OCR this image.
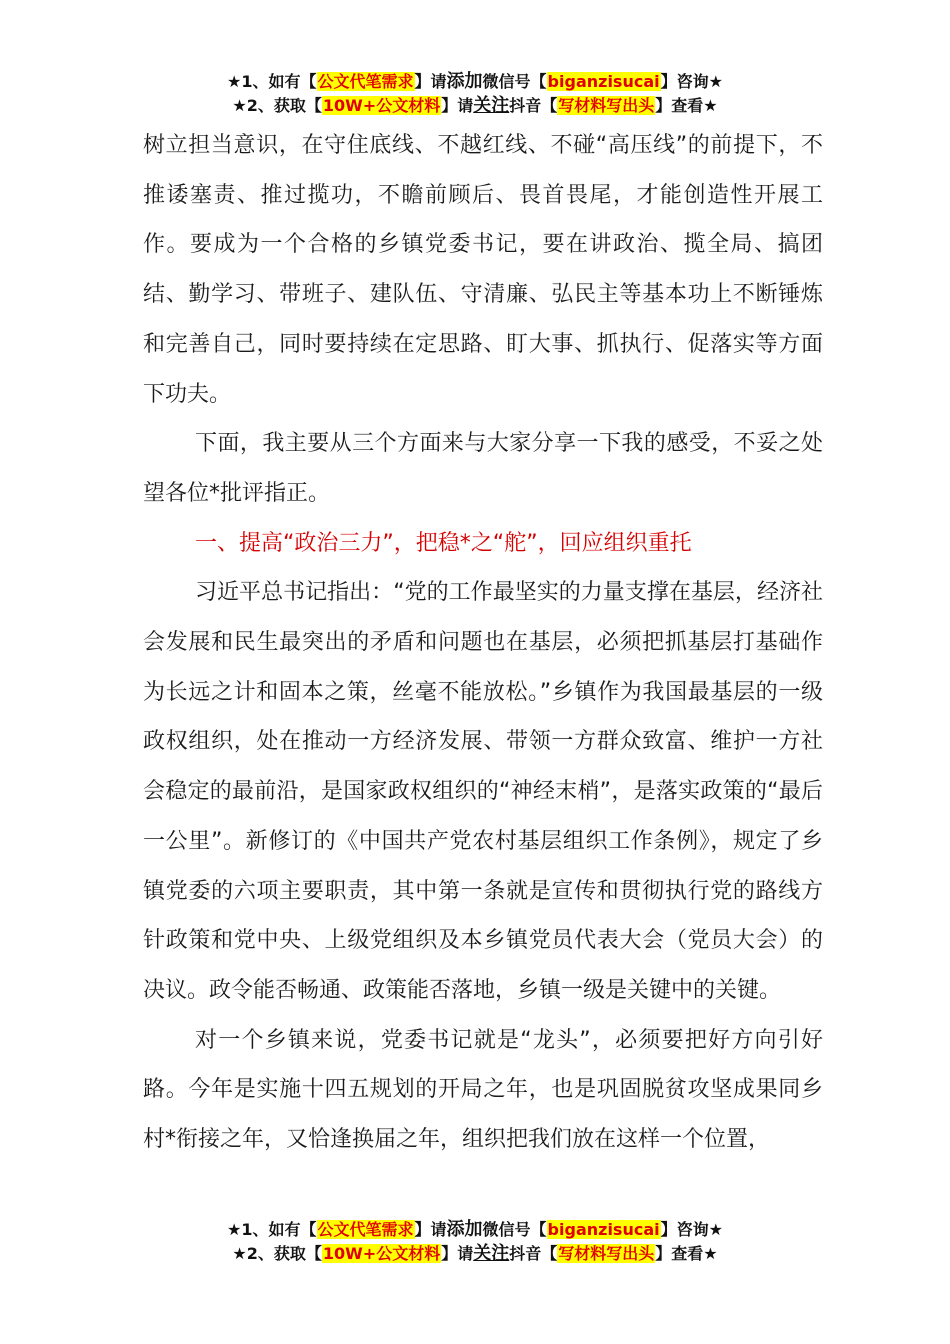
★1、如有【公文代笔需求】请添加微信号【biganzisucai】咨询★
★2、获取【10W+公文材料】请关注抖音【写材料写出头】查看★

树立担当意识，在守住底线、不越红线、不碰“高压线”的前提下，不推诿塞责、推过揽功，不瞻前顾后、畏首畏尾，才能创造性开展工作。要成为一个合格的乡镇党委书记，要在讲政治、揽全局、搞团结、勤学习、带班子、建队伍、守清廉、弘民主等基本功上不断锤炼和完善自己，同时要持续在定思路、盯大事、抓执行、促落实等方面下功夫。

下面，我主要从三个方面来与大家分享一下我的感受，不妥之处望各位*批评指正。

一、提高“政治三力”，把稳*之“舵”，回应组织重托

习近平总书记指出：“党的工作最坚实的力量支撑在基层，经济社会发展和民生最突出的矛盾和问题也在基层，必须把抓基层打基础作为长远之计和固本之策，丝毫不能放松。”乡镇作为我国最基层的一级政权组织，处在推动一方经济发展、带领一方群众致富、维护一方社会稳定的最前沿，是国家政权组织的“神经末梢”，是落实政策的“最后一公里”。新修订的《中国共产党农村基层组织工作条例》，规定了乡镇党委的六项主要职责，其中第一条就是宣传和贯彻执行党的路线方针政策和党中央、上级党组织及本乡镇党员代表大会（党员大会）的决议。政令能否畅通、政策能否落地，乡镇一级是关键中的关键。

对一个乡镇来说，党委书记就是“龙头”，必须要把好方向引好路。今年是实施十四五规划的开局之年，也是巩固脱贫攻坚成果同乡村*衔接之年，又恰逢换届之年，组织把我们放在这样一个位置，

★1、如有【公文代笔需求】请添加微信号【biganzisucai】咨询★
★2、获取【10W+公文材料】请关注抖音【写材料写出头】查看★
